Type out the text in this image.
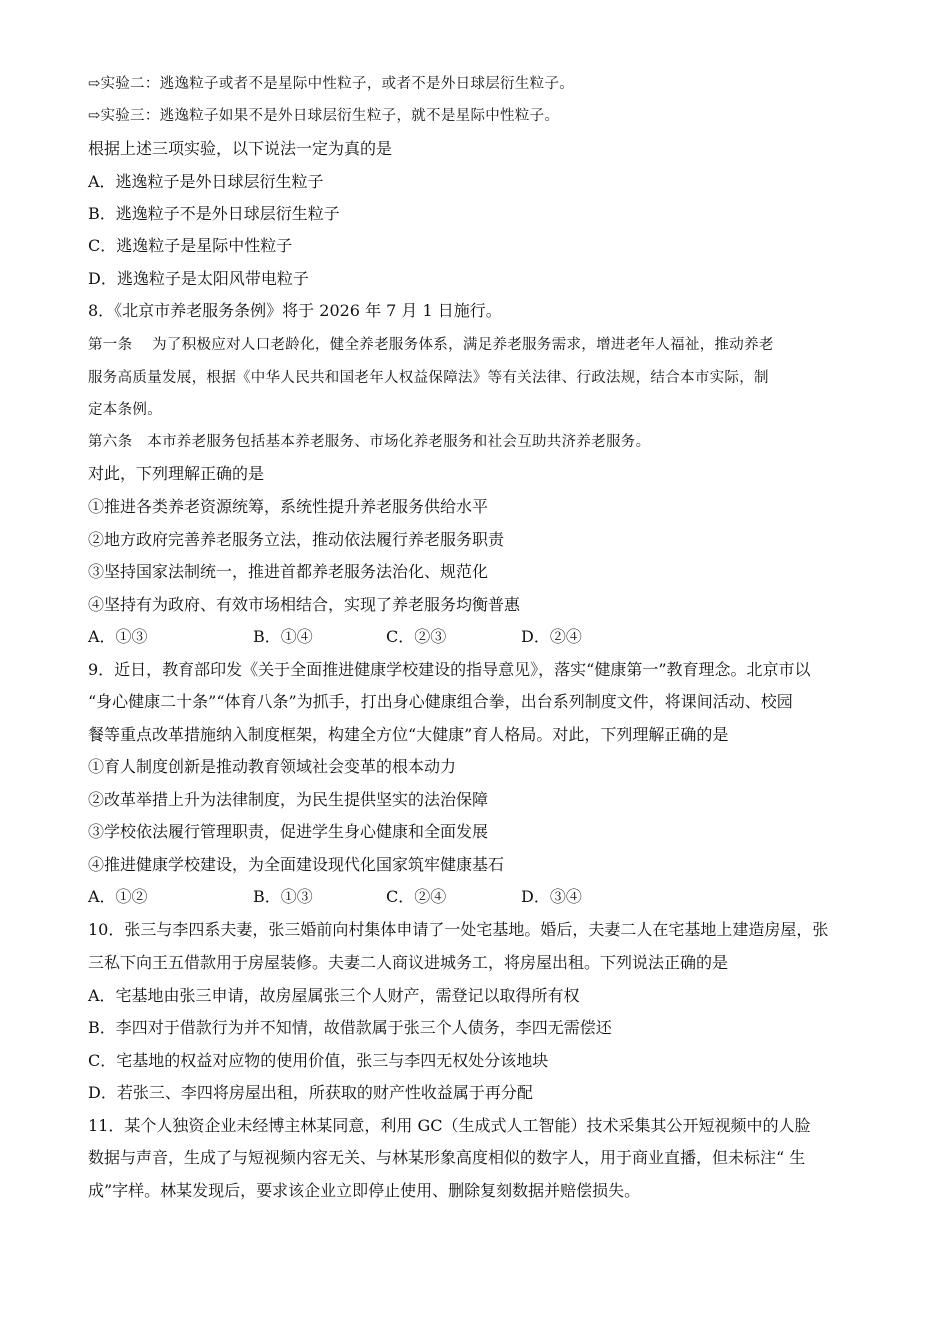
⇨实验二：逃逸粒子或者不是星际中性粒子，或者不是外日球层衍生粒子。
⇨实验三：逃逸粒子如果不是外日球层衍生粒子，就不是星际中性粒子。
根据上述三项实验，以下说法一定为真的是
A．逃逸粒子是外日球层衍生粒子
B．逃逸粒子不是外日球层衍生粒子
C．逃逸粒子是星际中性粒子
D．逃逸粒子是太阳风带电粒子
8．《北京市养老服务条例》将于 2026 年 7 月 1 日施行。
第一条　 为了积极应对人口老龄化，健全养老服务体系，满足养老服务需求，增进老年人福祉，推动养老
服务高质量发展，根据《中华人民共和国老年人权益保障法》等有关法律、行政法规，结合本市实际，制
定本条例。
第六条　本市养老服务包括基本养老服务、市场化养老服务和社会互助共济养老服务。
对此，下列理解正确的是
①推进各类养老资源统筹，系统性提升养老服务供给水平
②地方政府完善养老服务立法，推动依法履行养老服务职责
③坚持国家法制统一，推进首都养老服务法治化、规范化
④坚持有为政府、有效市场相结合，实现了养老服务均衡普惠
A．①③	B．①④	C．②③	D．②④
9．近日，教育部印发《关于全面推进健康学校建设的指导意见》，落实“健康第一”教育理念。北京市以
“身心健康二十条”“体育八条”为抓手，打出身心健康组合拳，出台系列制度文件，将课间活动、校园
餐等重点改革措施纳入制度框架，构建全方位“大健康”育人格局。对此，下列理解正确的是
①育人制度创新是推动教育领域社会变革的根本动力
②改革举措上升为法律制度，为民生提供坚实的法治保障
③学校依法履行管理职责，促进学生身心健康和全面发展
④推进健康学校建设，为全面建设现代化国家筑牢健康基石
A．①②	B．①③	C．②④	D．③④
10．张三与李四系夫妻，张三婚前向村集体申请了一处宅基地。婚后，夫妻二人在宅基地上建造房屋，张
三私下向王五借款用于房屋装修。夫妻二人商议进城务工，将房屋出租。下列说法正确的是
A．宅基地由张三申请，故房屋属张三个人财产，需登记以取得所有权
B．李四对于借款行为并不知情，故借款属于张三个人债务，李四无需偿还
C．宅基地的权益对应物的使用价值，张三与李四无权处分该地块
D．若张三、李四将房屋出租，所获取的财产性收益属于再分配
11．某个人独资企业未经博主林某同意，利用 GC（生成式人工智能）技术采集其公开短视频中的人脸
数据与声音，生成了与短视频内容无关、与林某形象高度相似的数字人，用于商业直播，但未标注“ 生
成”字样。林某发现后，要求该企业立即停止使用、删除复刻数据并赔偿损失。
